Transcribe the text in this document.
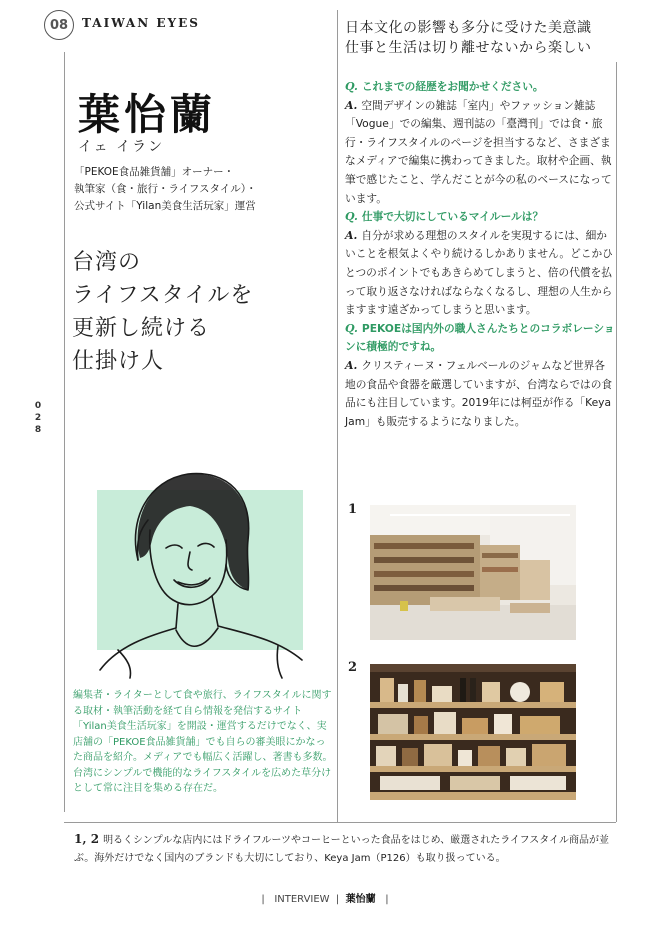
08 TAIWAN EYES
葉怡蘭
イェ イラン
「PEKOE食品雑貨舗」オーナー・
執筆家（食・旅行・ライフスタイル）・
公式サイト「Yilan美食生活玩家」運営
台湾の
ライフスタイルを
更新し続ける
仕掛け人
0
2
8
編集者・ライターとして食や旅行、ライフスタイルに関する取材・執筆活動を経て自ら情報を発信するサイト「Yilan美食生活玩家」を開設・運営するだけでなく、実店舗の「PEKOE食品雑貨舗」でも自らの審美眼にかなった商品を紹介。メディアでも幅広く活躍し、著書も多数。台湾にシンプルで機能的なライフスタイルを広めた草分けとして常に注目を集める存在だ。
日本文化の影響も多分に受けた美意識
仕事と生活は切り離せないから楽しい

Q. これまでの経歴をお聞かせください。

A. 空間デザインの雑誌「室内」やファッション雑誌「Vogue」での編集、週刊誌の「臺灣刊」では食・旅行・ライフスタイルのページを担当するなど、さまざまなメディアで編集に携わってきました。取材や企画、執筆で感じたこと、学んだことが今の私のベースになっています。

Q. 仕事で大切にしているマイルールは？

A. 自分が求める理想のスタイルを実現するには、細かいことを根気よくやり続けるしかありません。どこかひとつのポイントでもあきらめてしまうと、倍の代償を払って取り返さなければならなくなるし、理想の人生からますます遠ざかってしまうと思います。

Q. PEKOEは国内外の職人さんたちとのコラボレーションに積極的ですね。

A. クリスティーヌ・フェルベールのジャムなど世界各地の食品や食器を厳選していますが、台湾ならではの食品にも注目しています。2019年には柯亞が作る「Keya Jam」も販売するようになりました。

1
2
1, 2 明るくシンプルな店内にはドライフルーツやコーヒーといった食品をはじめ、厳選されたライフスタイル商品が並ぶ。海外だけでなく国内のブランドも大切にしており、Keya Jam（P126）も取り扱っている。
|   INTERVIEW  |  葉怡蘭   |
